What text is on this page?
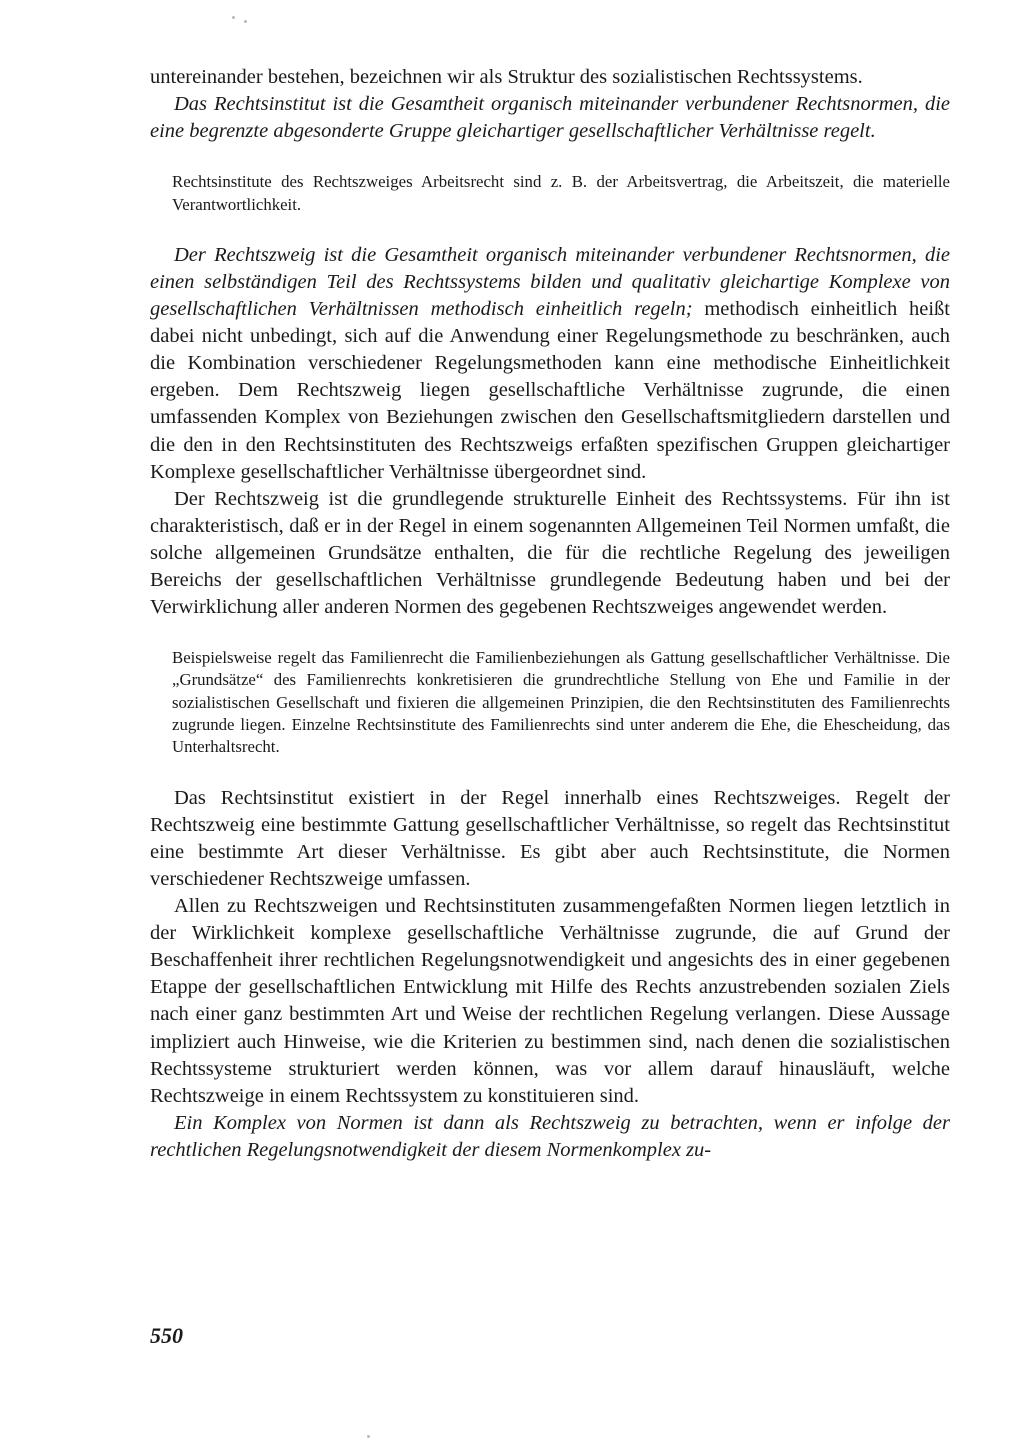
untereinander bestehen, bezeichnen wir als Struktur des sozialistischen Rechtssystems.

Das Rechtsinstitut ist die Gesamtheit organisch miteinander verbundener Rechtsnormen, die eine begrenzte abgesonderte Gruppe gleichartiger gesellschaftlicher Verhältnisse regelt.

Rechtsinstitute des Rechtszweiges Arbeitsrecht sind z. B. der Arbeitsvertrag, die Arbeitszeit, die materielle Verantwortlichkeit.

Der Rechtszweig ist die Gesamtheit organisch miteinander verbundener Rechtsnormen, die einen selbständigen Teil des Rechtssystems bilden und qualitativ gleichartige Komplexe von gesellschaftlichen Verhältnissen methodisch einheitlich regeln; methodisch einheitlich heißt dabei nicht unbedingt, sich auf die Anwendung einer Regelungsmethode zu beschränken, auch die Kombination verschiedener Regelungsmethoden kann eine methodische Einheitlichkeit ergeben. Dem Rechtszweig liegen gesellschaftliche Verhältnisse zugrunde, die einen umfassenden Komplex von Beziehungen zwischen den Gesellschaftsmitgliedern darstellen und die den in den Rechtsinstituten des Rechtszweigs erfaßten spezifischen Gruppen gleichartiger Komplexe gesellschaftlicher Verhältnisse übergeordnet sind.

Der Rechtszweig ist die grundlegende strukturelle Einheit des Rechtssystems. Für ihn ist charakteristisch, daß er in der Regel in einem sogenannten Allgemeinen Teil Normen umfaßt, die solche allgemeinen Grundsätze enthalten, die für die rechtliche Regelung des jeweiligen Bereichs der gesellschaftlichen Verhältnisse grundlegende Bedeutung haben und bei der Verwirklichung aller anderen Normen des gegebenen Rechtszweiges angewendet werden.

Beispielsweise regelt das Familienrecht die Familienbeziehungen als Gattung gesellschaftlicher Verhältnisse. Die „Grundsätze“ des Familienrechts konkretisieren die grundrechtliche Stellung von Ehe und Familie in der sozialistischen Gesellschaft und fixieren die allgemeinen Prinzipien, die den Rechtsinstituten des Familienrechts zugrunde liegen. Einzelne Rechtsinstitute des Familienrechts sind unter anderem die Ehe, die Ehescheidung, das Unterhaltsrecht.

Das Rechtsinstitut existiert in der Regel innerhalb eines Rechtszweiges. Regelt der Rechtszweig eine bestimmte Gattung gesellschaftlicher Verhältnisse, so regelt das Rechtsinstitut eine bestimmte Art dieser Verhältnisse. Es gibt aber auch Rechtsinstitute, die Normen verschiedener Rechtszweige umfassen.

Allen zu Rechtszweigen und Rechtsinstituten zusammengefaßten Normen liegen letztlich in der Wirklichkeit komplexe gesellschaftliche Verhältnisse zugrunde, die auf Grund der Beschaffenheit ihrer rechtlichen Regelungsnotwendigkeit und angesichts des in einer gegebenen Etappe der gesellschaftlichen Entwicklung mit Hilfe des Rechts anzustrebenden sozialen Ziels nach einer ganz bestimmten Art und Weise der rechtlichen Regelung verlangen. Diese Aussage impliziert auch Hinweise, wie die Kriterien zu bestimmen sind, nach denen die sozialistischen Rechtssysteme strukturiert werden können, was vor allem darauf hinausläuft, welche Rechtszweige in einem Rechtssystem zu konstituieren sind.

Ein Komplex von Normen ist dann als Rechtszweig zu betrachten, wenn er infolge der rechtlichen Regelungsnotwendigkeit der diesem Normenkomplex zu-

550
